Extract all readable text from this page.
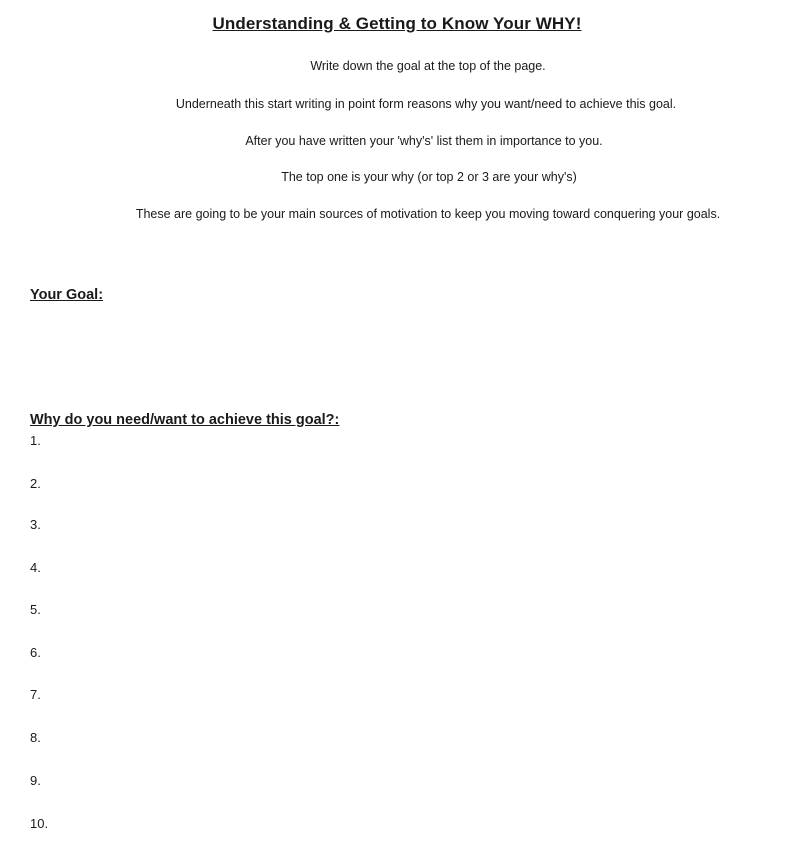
Understanding & Getting to Know Your WHY!
Write down the goal at the top of the page.
Underneath this start writing in point form reasons why you want/need to achieve this goal.
After you have written your 'why's' list them in importance to you.
The top one is your why (or top 2 or 3 are your why's)
These are going to be your main sources of motivation to keep you moving toward conquering your goals.
Your Goal:
Why do you need/want to achieve this goal?:
1.
2.
3.
4.
5.
6.
7.
8.
9.
10.
